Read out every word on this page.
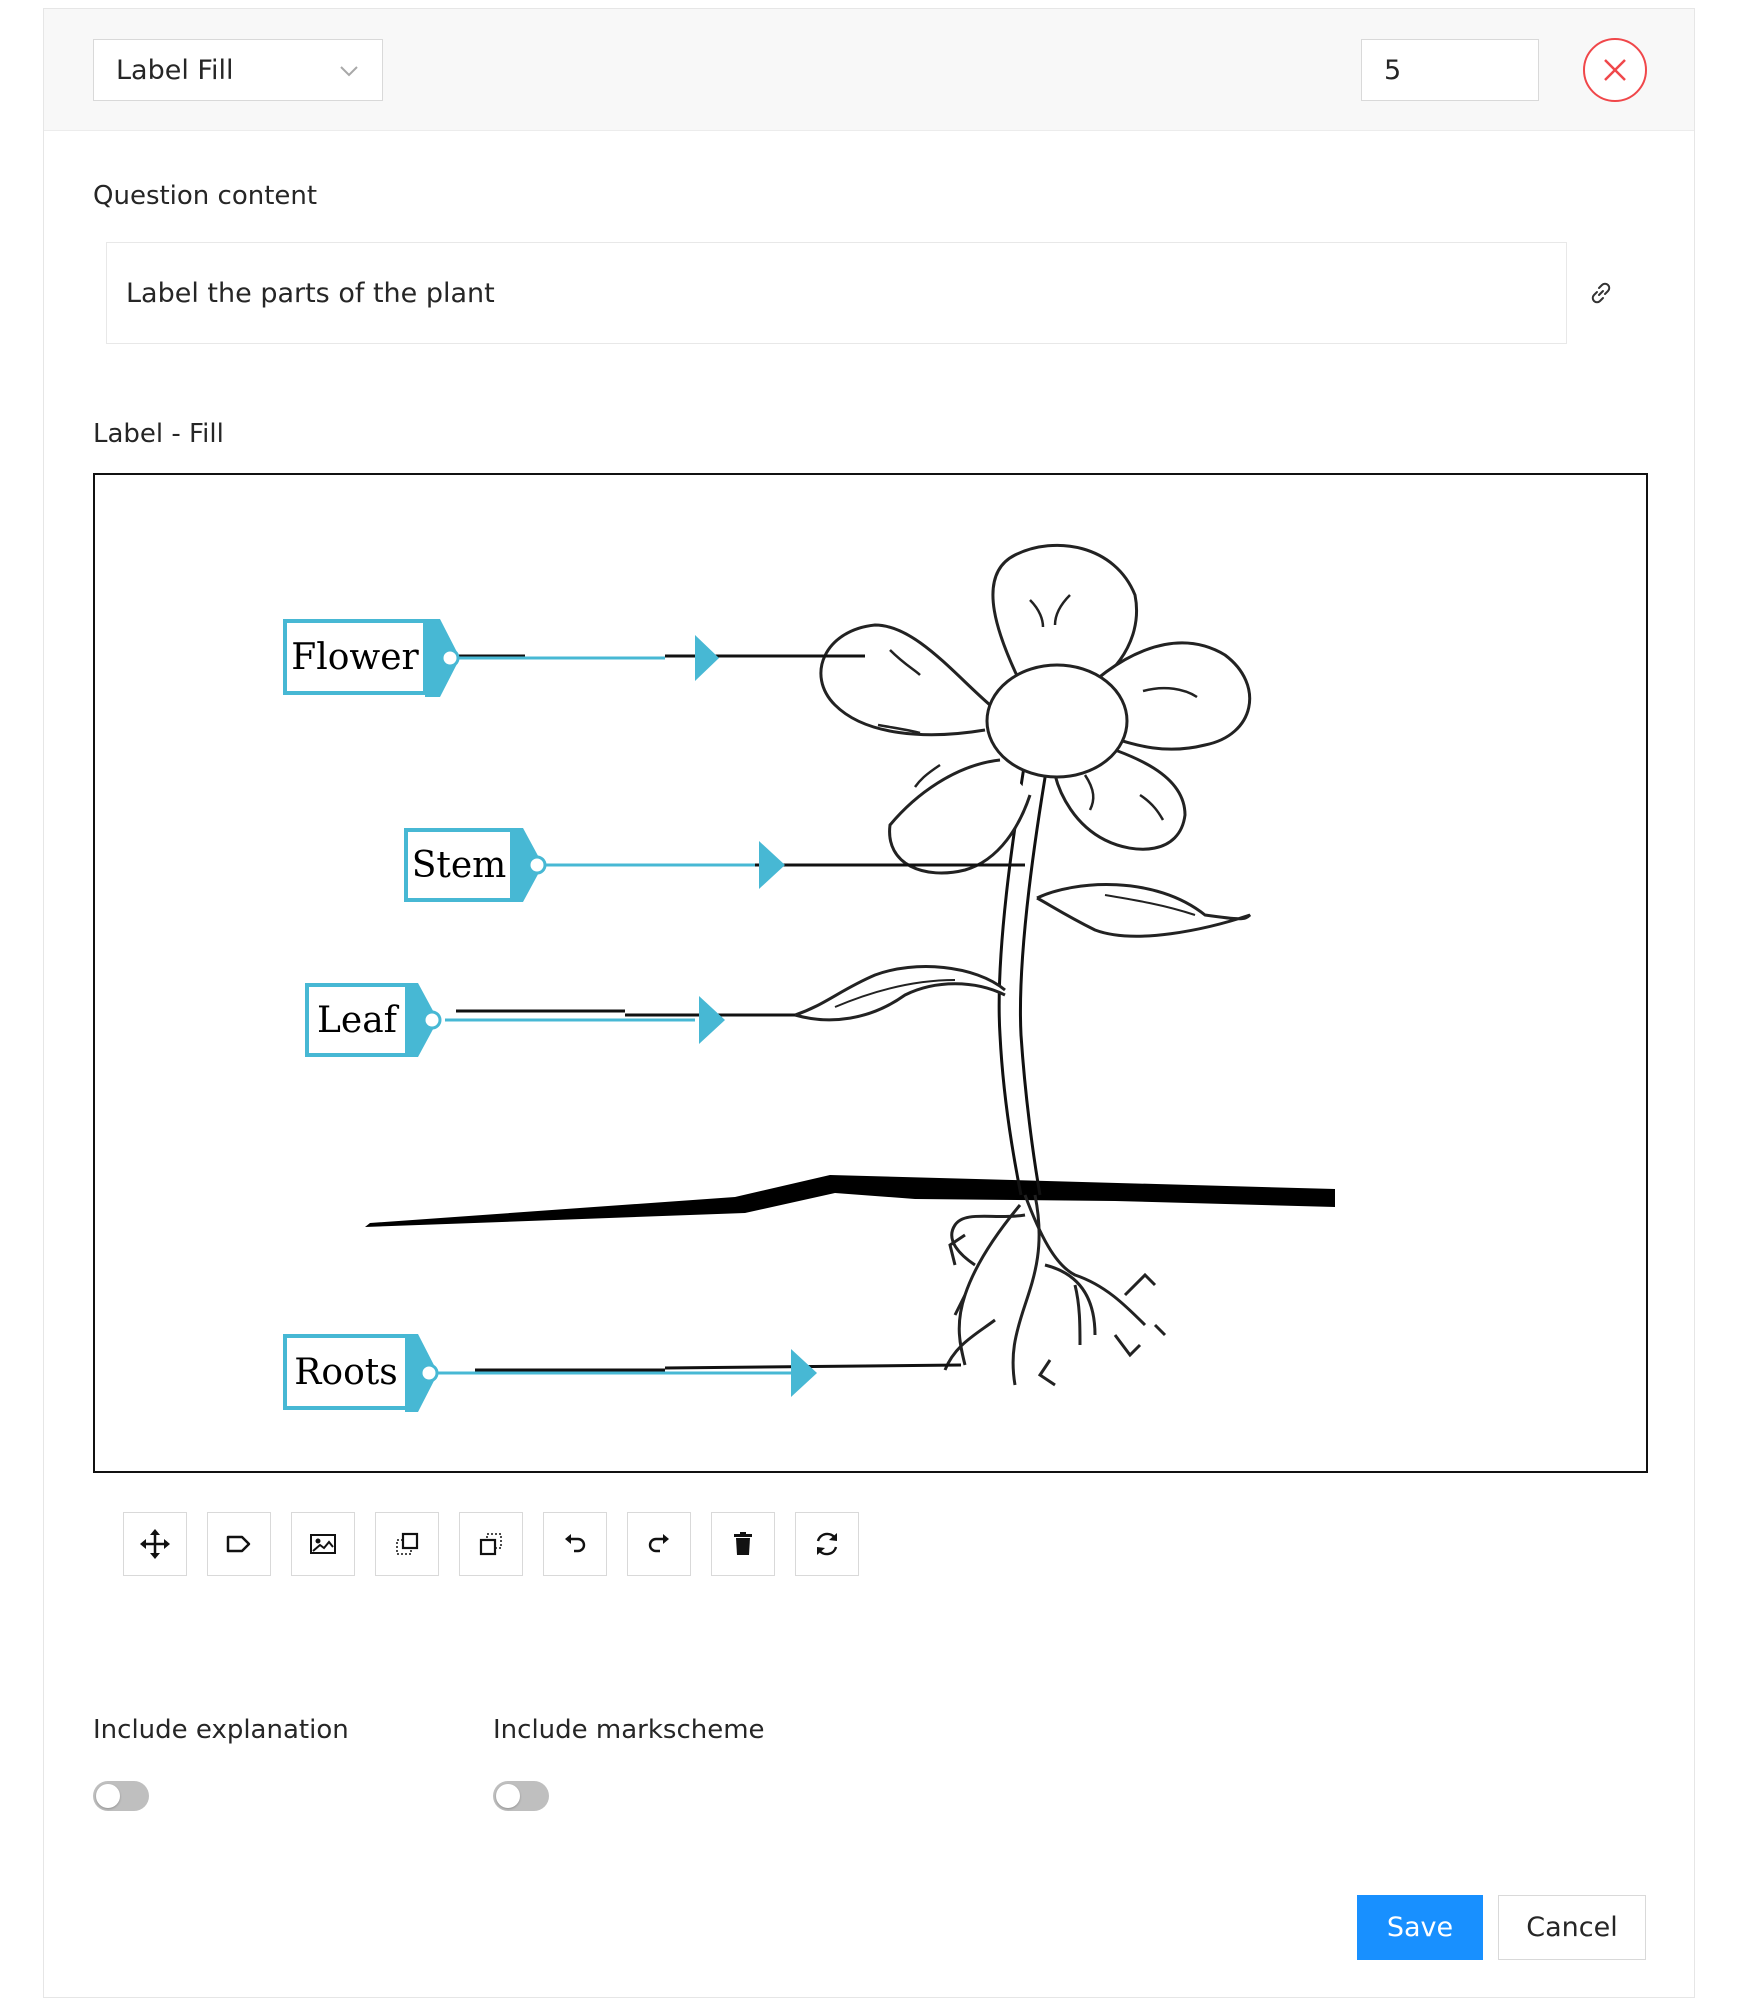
Label Fill
5
Question content
Label the parts of the plant
Label - Fill
Flower
Stem
Leaf
Roots
Include explanation	Include markscheme
Save	Cancel
